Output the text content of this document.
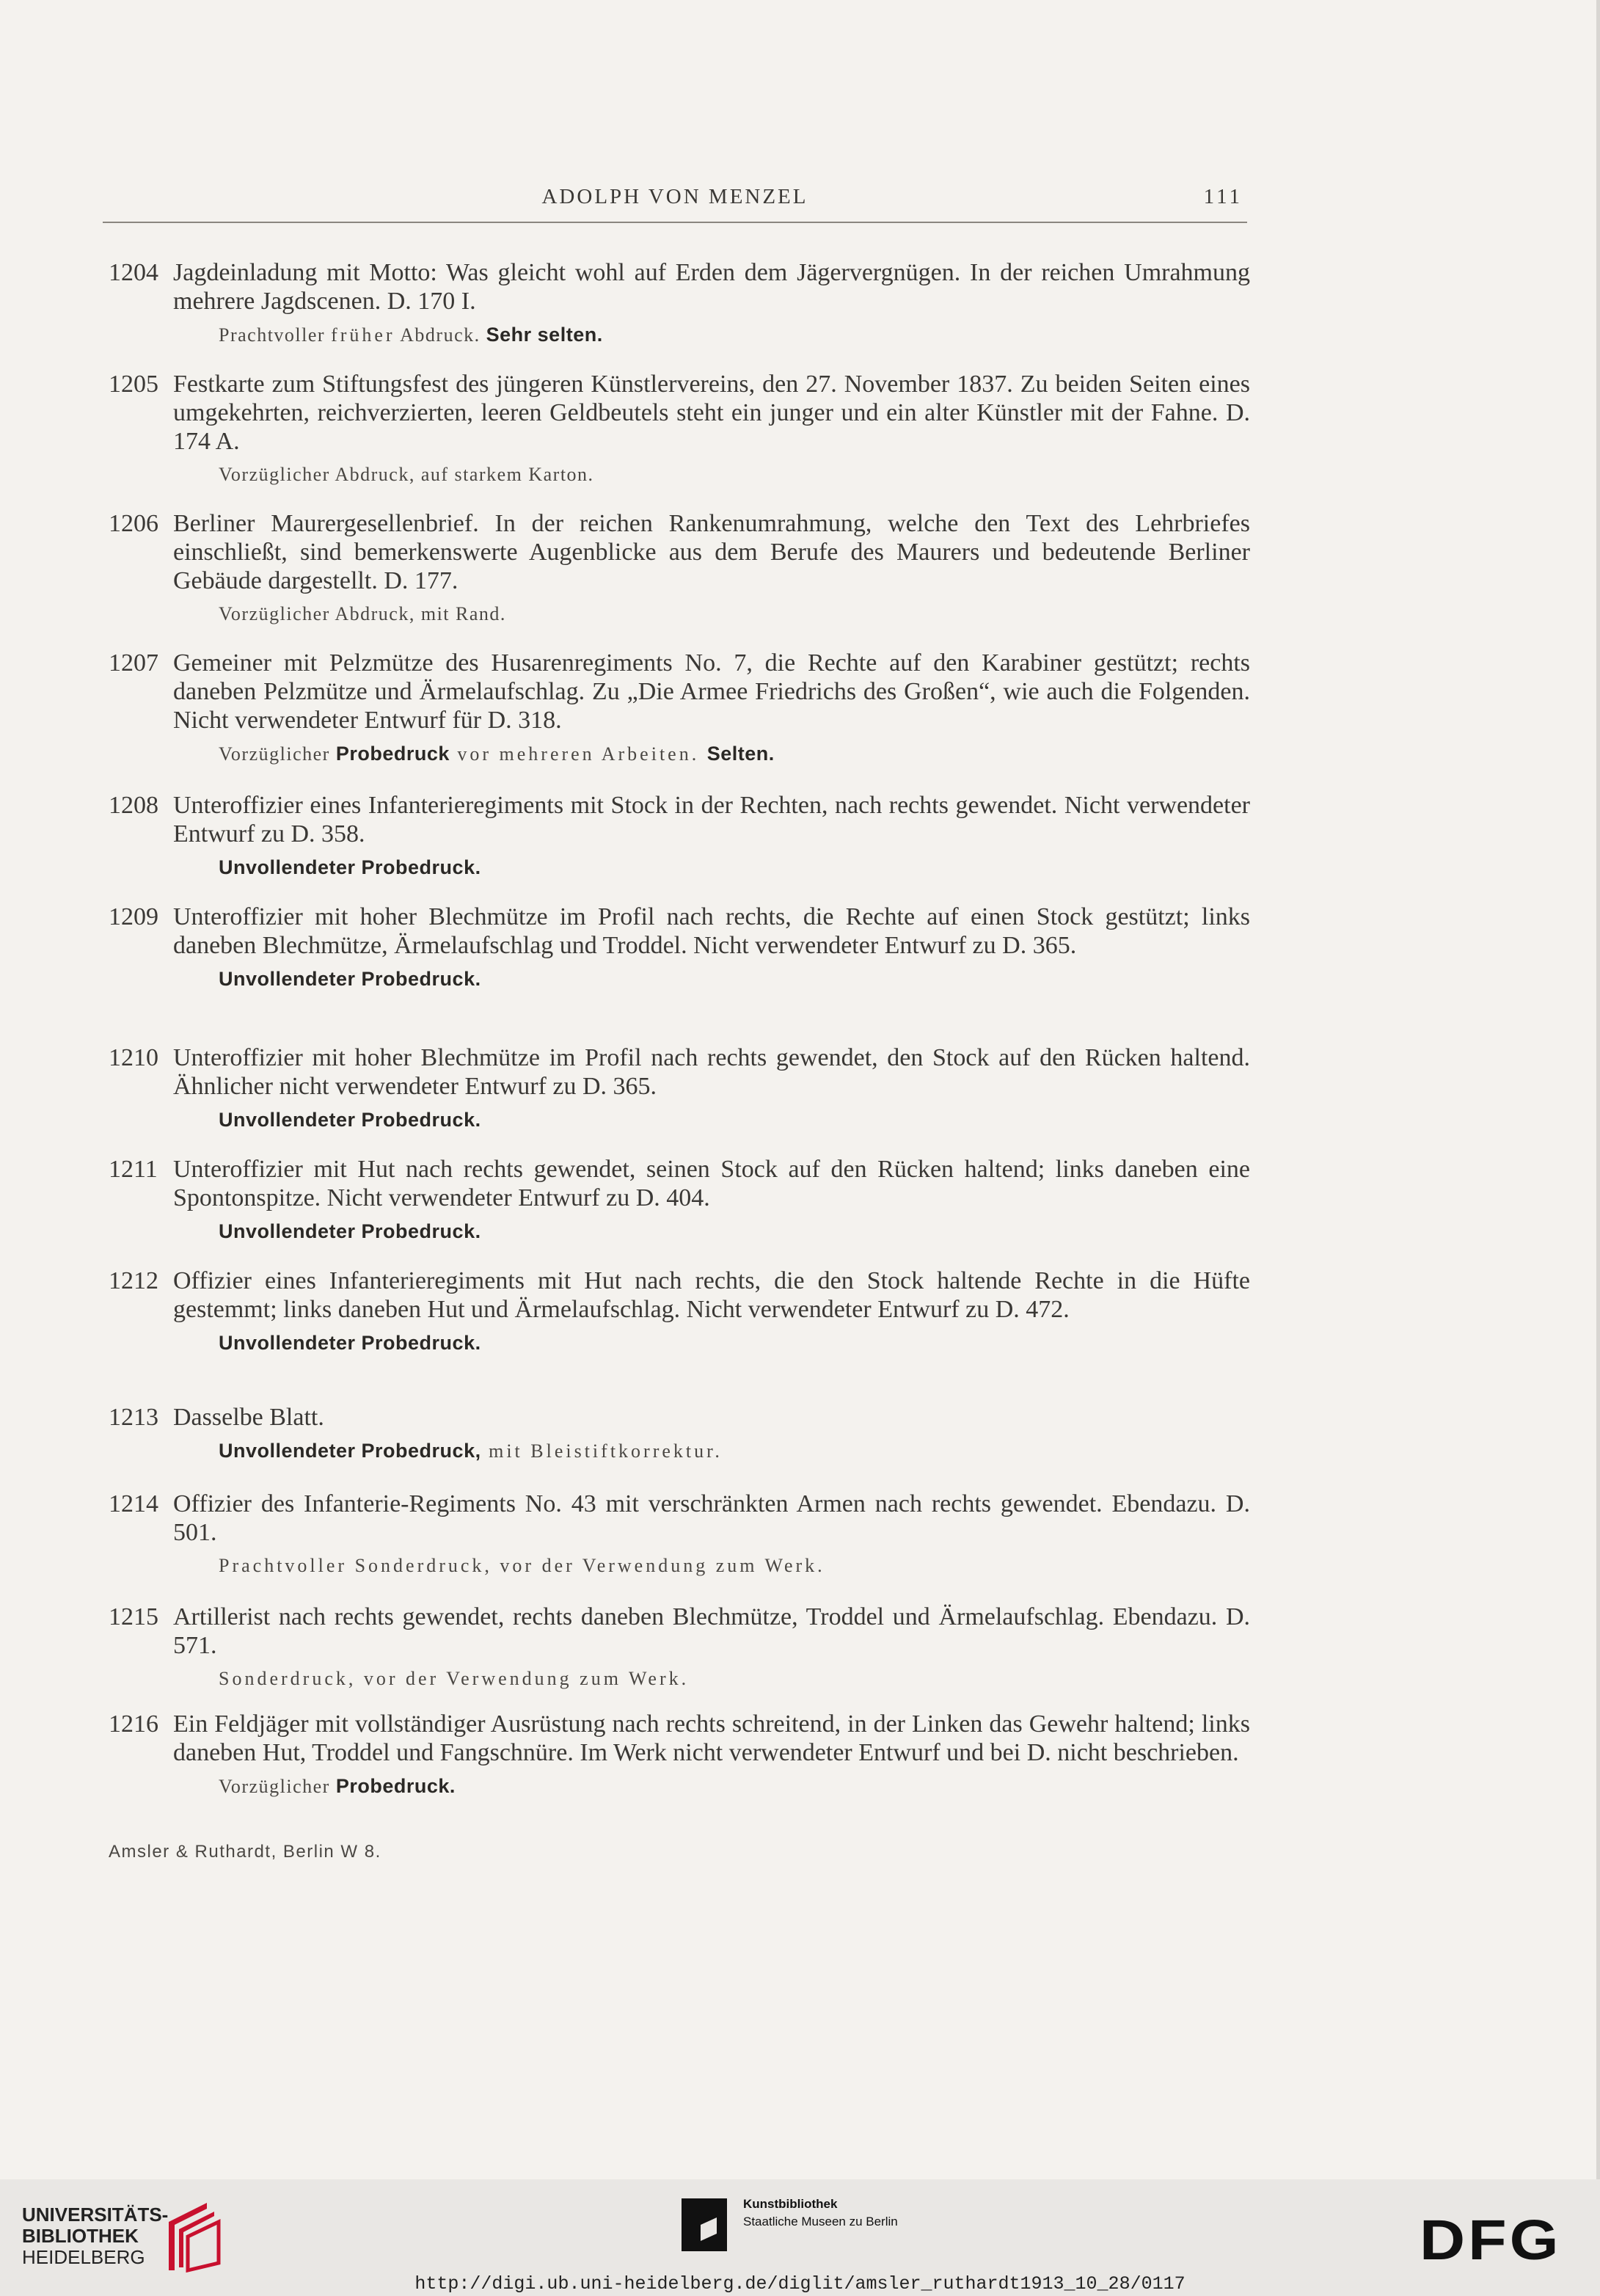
ADOLPH VON MENZEL	111
1204 Jagdeinladung mit Motto: Was gleicht wohl auf Erden dem Jägervergnügen. In der reichen Umrahmung mehrere Jagdscenen. D. 170 I.
Prachtvoller früher Abdruck. Sehr selten.
1205 Festkarte zum Stiftungsfest des jüngeren Künstlervereins, den 27. November 1837. Zu beiden Seiten eines umgekehrten, reichverzierten, leeren Geldbeutels steht ein junger und ein alter Künstler mit der Fahne. D. 174 A.
Vorzüglicher Abdruck, auf starkem Karton.
1206 Berliner Maurergesellenbrief. In der reichen Rankenumrahmung, welche den Text des Lehrbriefes einschließt, sind bemerkenswerte Augenblicke aus dem Berufe des Maurers und bedeutende Berliner Gebäude dargestellt. D. 177.
Vorzüglicher Abdruck, mit Rand.
1207 Gemeiner mit Pelzmütze des Husarenregiments No. 7, die Rechte auf den Karabiner gestützt; rechts daneben Pelzmütze und Ärmelaufschlag. Zu „Die Armee Friedrichs des Großen“, wie auch die Folgenden. Nicht verwendeter Entwurf für D. 318.
Vorzüglicher Probedruck vor mehreren Arbeiten. Selten.
1208 Unteroffizier eines Infanterieregiments mit Stock in der Rechten, nach rechts gewendet. Nicht verwendeter Entwurf zu D. 358.
Unvollendeter Probedruck.
1209 Unteroffizier mit hoher Blechmütze im Profil nach rechts, die Rechte auf einen Stock gestützt; links daneben Blechmütze, Ärmelaufschlag und Troddel. Nicht verwendeter Entwurf zu D. 365.
Unvollendeter Probedruck.
1210 Unteroffizier mit hoher Blechmütze im Profil nach rechts gewendet, den Stock auf den Rücken haltend. Ähnlicher nicht verwendeter Entwurf zu D. 365.
Unvollendeter Probedruck.
1211 Unteroffizier mit Hut nach rechts gewendet, seinen Stock auf den Rücken haltend; links daneben eine Spontonspitze. Nicht verwendeter Entwurf zu D. 404.
Unvollendeter Probedruck.
1212 Offizier eines Infanterieregiments mit Hut nach rechts, die den Stock haltende Rechte in die Hüfte gestemmt; links daneben Hut und Ärmelaufschlag. Nicht verwendeter Entwurf zu D. 472.
Unvollendeter Probedruck.
1213 Dasselbe Blatt.
Unvollendeter Probedruck, mit Bleistiftkorrektur.
1214 Offizier des Infanterie-Regiments No. 43 mit verschränkten Armen nach rechts gewendet. Ebendazu. D. 501.
Prachtvoller Sonderdruck, vor der Verwendung zum Werk.
1215 Artillerist nach rechts gewendet, rechts daneben Blechmütze, Troddel und Ärmelaufschlag. Ebendazu. D. 571.
Sonderdruck, vor der Verwendung zum Werk.
1216 Ein Feldjäger mit vollständiger Ausrüstung nach rechts schreitend, in der Linken das Gewehr haltend; links daneben Hut, Troddel und Fangschnüre. Im Werk nicht verwendeter Entwurf und bei D. nicht beschrieben.
Vorzüglicher Probedruck.
Amsler & Ruthardt, Berlin W 8.
UNIVERSITÄTS-
BIBLIOTHEK
HEIDELBERG
Kunstbibliothek
Staatliche Museen zu Berlin	DFG
http://digi.ub.uni-heidelberg.de/diglit/amsler_ruthardt1913_10_28/0117
